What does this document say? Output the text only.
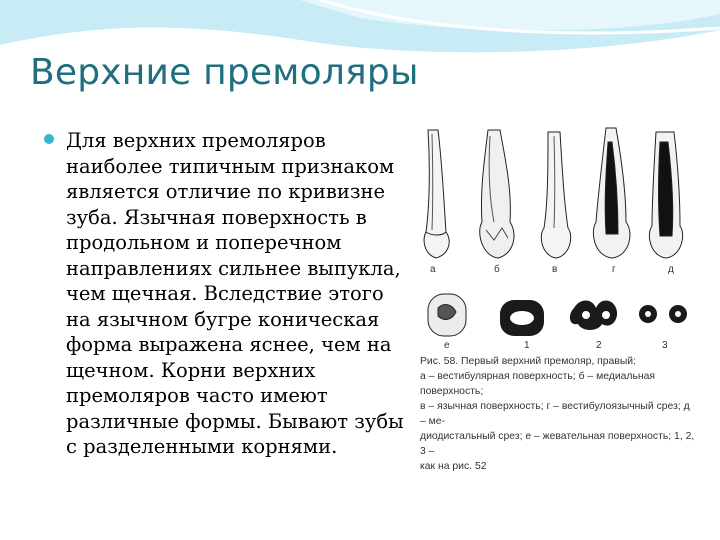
Верхние премоляры
Для верхних премоляров наиболее типичным признаком является отличие по кривизне зуба. Язычная поверхность в продольном и поперечном направлениях сильнее выпукла, чем щечная. Вследствие этого на язычном бугре коническая форма выражена яснее, чем на щечном. Корни верхних премоляров часто имеют различные формы. Бывают зубы с разделенными корнями.
а	б	в	г	д
е	1	2	3
Рис. 58. Первый верхний премоляр, правый:
а – вестибулярная поверхность; б – медиальная поверхность;
в – язычная поверхность; г – вестибулоязычный срез; д – ме-
диодистальный срез; е – жевательная поверхность; 1, 2, 3 –
как на рис. 52
